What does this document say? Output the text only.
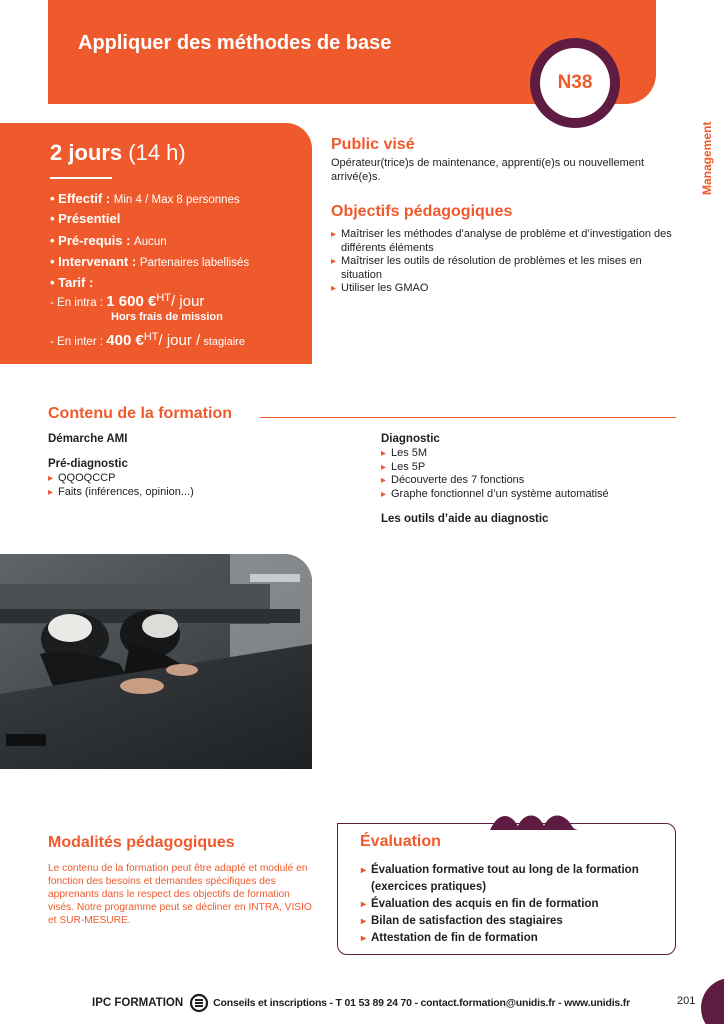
Appliquer des méthodes de base
N38
Management
2 jours (14 h)
• Effectif : Min 4 / Max 8 personnes
• Présentiel
• Pré-requis : Aucun
• Intervenant : Partenaires labellisés
• Tarif :
- En intra : 1 600 €$^{HT}$/ jour
Hors frais de mission
- En inter : 400 €$^{HT}$/ jour / stagiaire
Public visé
Opérateur(trice)s de maintenance, apprenti(e)s ou nouvellement arrivé(e)s.
Objectifs pédagogiques
▸ Maîtriser les méthodes d’analyse de problème et d’investigation des différents éléments
▸ Maîtriser les outils de résolution de problèmes et les mises en situation
▸ Utiliser les GMAO
Contenu de la formation
Démarche AMI
Pré-diagnostic
▸ QQOQCCP
▸ Faits (inférences, opinion...)
Diagnostic
▸ Les 5M
▸ Les 5P
▸ Découverte des 7 fonctions
▸ Graphe fonctionnel d’un système automatisé
Les outils d’aide au diagnostic
Modalités pédagogiques
Le contenu de la formation peut être adapté et modulé en fonction des besoins et demandes spécifiques des apprenants dans le respect des objectifs de formation visés. Notre programme peut se décliner en INTRA, VISIO et SUR-MESURE.
Évaluation
▸ Évaluation formative tout au long de la formation (exercices pratiques)
▸ Évaluation des acquis en fin de formation
▸ Bilan de satisfaction des stagiaires
▸ Attestation de fin de formation
IPC FORMATION	Conseils et inscriptions - T 01 53 89 24 70 - contact.formation@unidis.fr - www.unidis.fr	201
